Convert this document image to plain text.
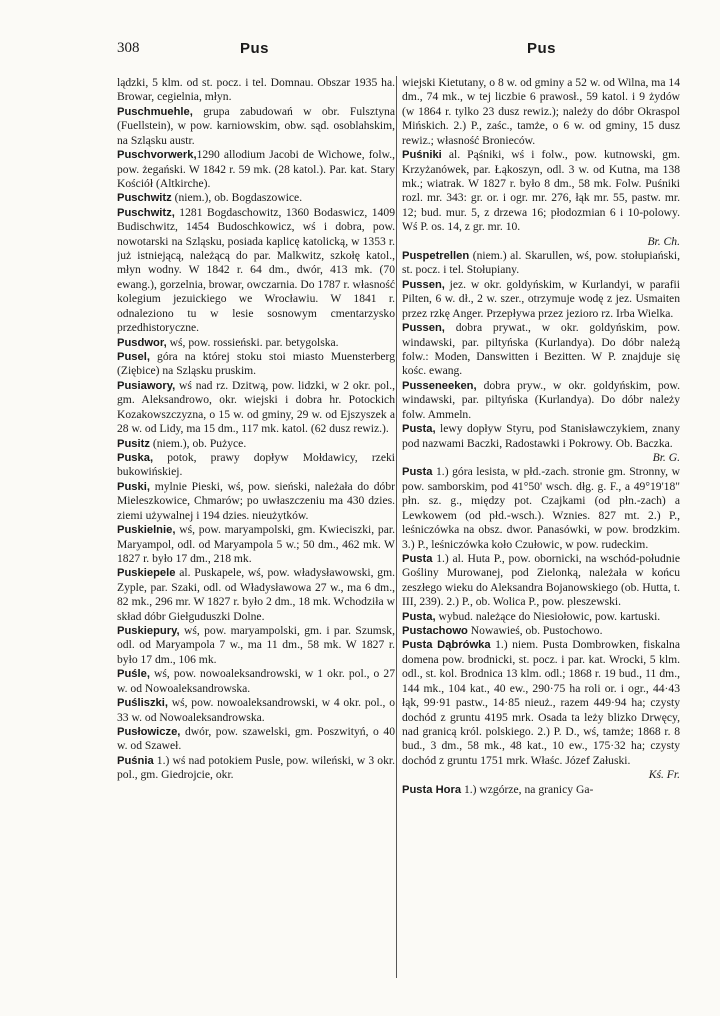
308	Pus	Pus

lądzki, 5 klm. od st. pocz. i tel. Domnau. Obszar 1935 ha. Browar, cegielnia, młyn.

Puschmuehle, grupa zabudowań w obr. Fulsztyna (Fuellstein), w pow. karniowskim, obw. sąd. osoblahskim, na Szląsku austr.

Puschvorwerk,1290 allodium Jacobi de Wichowe, folw., pow. żegański. W 1842 r. 59 mk. (28 katol.). Par. kat. Stary Kościół (Altkirche).

Puschwitz (niem.), ob. Bogdaszowice.

Puschwitz, 1281 Bogdaschowitz, 1360 Bodaswicz, 1409 Budischwitz, 1454 Budoschkowicz, wś i dobra, pow. nowotarski na Szląsku, posiada kaplicę katolicką, w 1353 r. już istniejącą, należącą do par. Malkwitz, szkołę katol., młyn wodny. W 1842 r. 64 dm., dwór, 413 mk. (70 ewang.), gorzelnia, browar, owczarnia. Do 1787 r. własność kolegium jezuickiego we Wrocławiu. W 1841 r. odnaleziono tu w lesie sosnowym cmentarzysko przedhistoryczne.

Pusdwor, wś, pow. rossieński. par. betygolska.

Pusel, góra na której stoku stoi miasto Muensterberg (Ziębice) na Szląsku pruskim.

Pusiawory, wś nad rz. Dzitwą, pow. lidzki, w 2 okr. pol., gm. Aleksandrowo, okr. wiejski i dobra hr. Potockich Kozakowszczyzna, o 15 w. od gminy, 29 w. od Ejszyszek a 28 w. od Lidy, ma 15 dm., 117 mk. katol. (62 dusz rewiz.).

Pusitz (niem.), ob. Pużyce.

Puska, potok, prawy dopływ Mołdawicy, rzeki bukowińskiej.

Puski, mylnie Pieski, wś, pow. sieński, należała do dóbr Mieleszkowice, Chmarów; po uwłaszczeniu ma 430 dzies. ziemi używalnej i 194 dzies. nieużytków.

Puskielnie, wś, pow. maryampolski, gm. Kwieciszki, par. Maryampol, odl. od Maryampola 5 w.; 50 dm., 462 mk. W 1827 r. było 17 dm., 218 mk.

Puskiepele al. Puskapele, wś, pow. władysławowski, gm. Zyple, par. Szaki, odl. od Władysławowa 27 w., ma 6 dm., 82 mk., 296 mr. W 1827 r. było 2 dm., 18 mk. Wchodziła w skład dóbr Giełguduszki Dolne.

Puskiepury, wś, pow. maryampolski, gm. i par. Szumsk, odl. od Maryampola 7 w., ma 11 dm., 58 mk. W 1827 r. było 17 dm., 106 mk.

Puśle, wś, pow. nowoaleksandrowski, w 1 okr. pol., o 27 w. od Nowoaleksandrowska.

Puśliszki, wś, pow. nowoaleksandrowski, w 4 okr. pol., o 33 w. od Nowoaleksandrowska.

Pusłowicze, dwór, pow. szawelski, gm. Poszwityń, o 40 w. od Szaweł.

Puśnia 1.) wś nad potokiem Pusle, pow. wileński, w 3 okr. pol., gm. Giedrojcie, okr.

wiejski Kietutany, o 8 w. od gminy a 52 w. od Wilna, ma 14 dm., 74 mk., w tej liczbie 6 prawosł., 59 katol. i 9 żydów (w 1864 r. tylko 23 dusz rewiz.); należy do dóbr Okraspol Mińskich. 2.) P., zaśc., tamże, o 6 w. od gminy, 15 dusz rewiz.; własność Bronieców.

Puśniki al. Pąśniki, wś i folw., pow. kutnowski, gm. Krzyżanówek, par. Łąkoszyn, odl. 3 w. od Kutna, ma 138 mk.; wiatrak. W 1827 r. było 8 dm., 58 mk. Folw. Puśniki rozl. mr. 343: gr. or. i ogr. mr. 276, łąk mr. 55, pastw. mr. 12; bud. mur. 5, z drzewa 16; płodozmian 6 i 10-polowy. Wś P. os. 14, z gr. mr. 10.

Br. Ch.

Puspetrellen (niem.) al. Skarullen, wś, pow. stołupiański, st. pocz. i tel. Stołupiany.

Pussen, jez. w okr. goldyńskim, w Kurlandyi, w parafii Pilten, 6 w. dł., 2 w. szer., otrzymuje wodę z jez. Usmaiten przez rzkę Anger. Przepływa przez jezioro rz. Irba Wielka.

Pussen, dobra prywat., w okr. goldyńskim, pow. windawski, par. piltyńska (Kurlandya). Do dóbr należą folw.: Moden, Danswitten i Bezitten. W P. znajduje się kośc. ewang.

Pusseneeken, dobra pryw., w okr. goldyńskim, pow. windawski, par. piltyńska (Kurlandya). Do dóbr należy folw. Ammeln.

Pusta, lewy dopływ Styru, pod Stanisławczykiem, znany pod nazwami Baczki, Radostawki i Pokrowy. Ob. Baczka.

Br. G.

Pusta 1.) góra lesista, w płd.-zach. stronie gm. Stronny, w pow. samborskim, pod 41°50' wsch. dłg. g. F., a 49°19'18" płn. sz. g., między pot. Czajkami (od płn.-zach) a Lewkowem (od płd.-wsch.). Wznies. 827 mt. 2.) P., leśniczówka na obsz. dwor. Panasówki, w pow. brodzkim. 3.) P., leśniczówka koło Czułowic, w pow. rudeckim.

Pusta 1.) al. Huta P., pow. obornicki, na wschód-południe Gośliny Murowanej, pod Zielonką, należała w końcu zeszłego wieku do Aleksandra Bojanowskiego (ob. Hutta, t. III, 239). 2.) P., ob. Wolica P., pow. pleszewski.

Pusta, wybud. należące do Niesiołowic, pow. kartuski.

Pustachowo Nowawieś, ob. Pustochowo.

Pusta Dąbrówka 1.) niem. Pusta Dombrowken, fiskalna domena pow. brodnicki, st. pocz. i par. kat. Wrocki, 5 klm. odl., st. kol. Brodnica 13 klm. odl.; 1868 r. 19 bud., 11 dm., 144 mk., 104 kat., 40 ew., 290·75 ha roli or. i ogr., 44·43 łąk, 99·91 pastw., 14·85 nieuż., razem 449·94 ha; czysty dochód z gruntu 4195 mrk. Osada ta leży blizko Drwęcy, nad granicą król. polskiego. 2.) P. D., wś, tamże; 1868 r. 8 bud., 3 dm., 58 mk., 48 kat., 10 ew., 175·32 ha; czysty dochód z gruntu 1751 mrk. Właśc. Józef Załuski.

Kś. Fr.

Pusta Hora 1.) wzgórze, na granicy Ga-
